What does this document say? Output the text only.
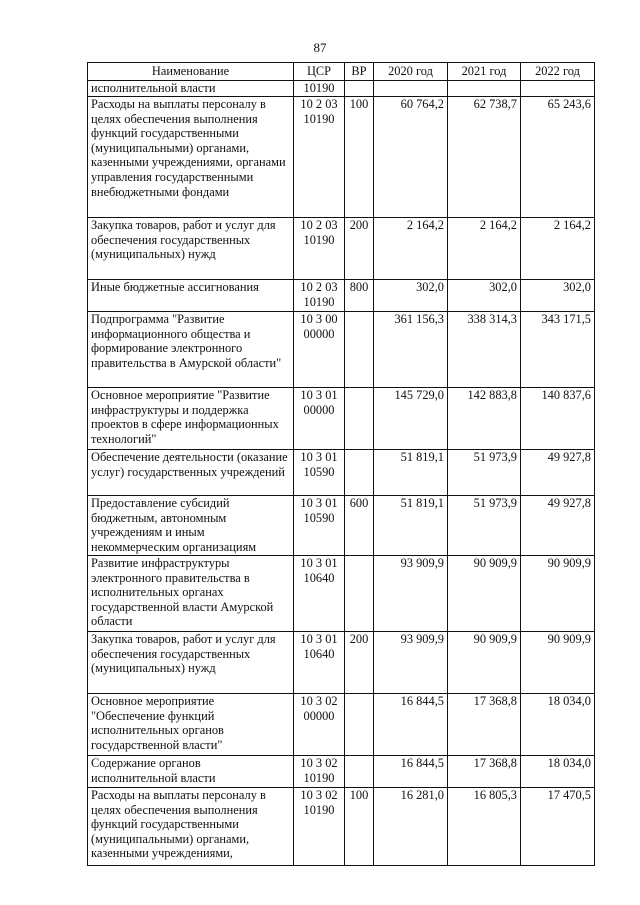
87
Наименование	ЦСР	ВР	2020 год	2021 год	2022 год
исполнительной власти	10190				
Расходы на выплаты персоналу в целях обеспечения выполнения функций государственными (муниципальными) органами, казенными учреждениями, органами управления государственными внебюджетными фондами	10 2 03 10190	100	60 764,2	62 738,7	65 243,6
Закупка товаров, работ и услуг для обеспечения государственных (муниципальных) нужд	10 2 03 10190	200	2 164,2	2 164,2	2 164,2
Иные бюджетные ассигнования	10 2 03 10190	800	302,0	302,0	302,0
Подпрограмма "Развитие информационного общества и формирование электронного правительства в Амурской области"	10 3 00 00000		361 156,3	338 314,3	343 171,5
Основное мероприятие "Развитие инфраструктуры и поддержка проектов в сфере информационных технологий"	10 3 01 00000		145 729,0	142 883,8	140 837,6
Обеспечение деятельности (оказание услуг) государственных учреждений	10 3 01 10590		51 819,1	51 973,9	49 927,8
Предоставление субсидий бюджетным, автономным учреждениям и иным некоммерческим организациям	10 3 01 10590	600	51 819,1	51 973,9	49 927,8
Развитие инфраструктуры электронного правительства в исполнительных органах государственной власти Амурской области	10 3 01 10640		93 909,9	90 909,9	90 909,9
Закупка товаров, работ и услуг для обеспечения государственных (муниципальных) нужд	10 3 01 10640	200	93 909,9	90 909,9	90 909,9
Основное мероприятие "Обеспечение функций исполнительных органов государственной власти"	10 3 02 00000		16 844,5	17 368,8	18 034,0
Содержание органов исполнительной власти	10 3 02 10190		16 844,5	17 368,8	18 034,0
Расходы на выплаты персоналу в целях обеспечения выполнения функций государственными (муниципальными) органами, казенными учреждениями,	10 3 02 10190	100	16 281,0	16 805,3	17 470,5
